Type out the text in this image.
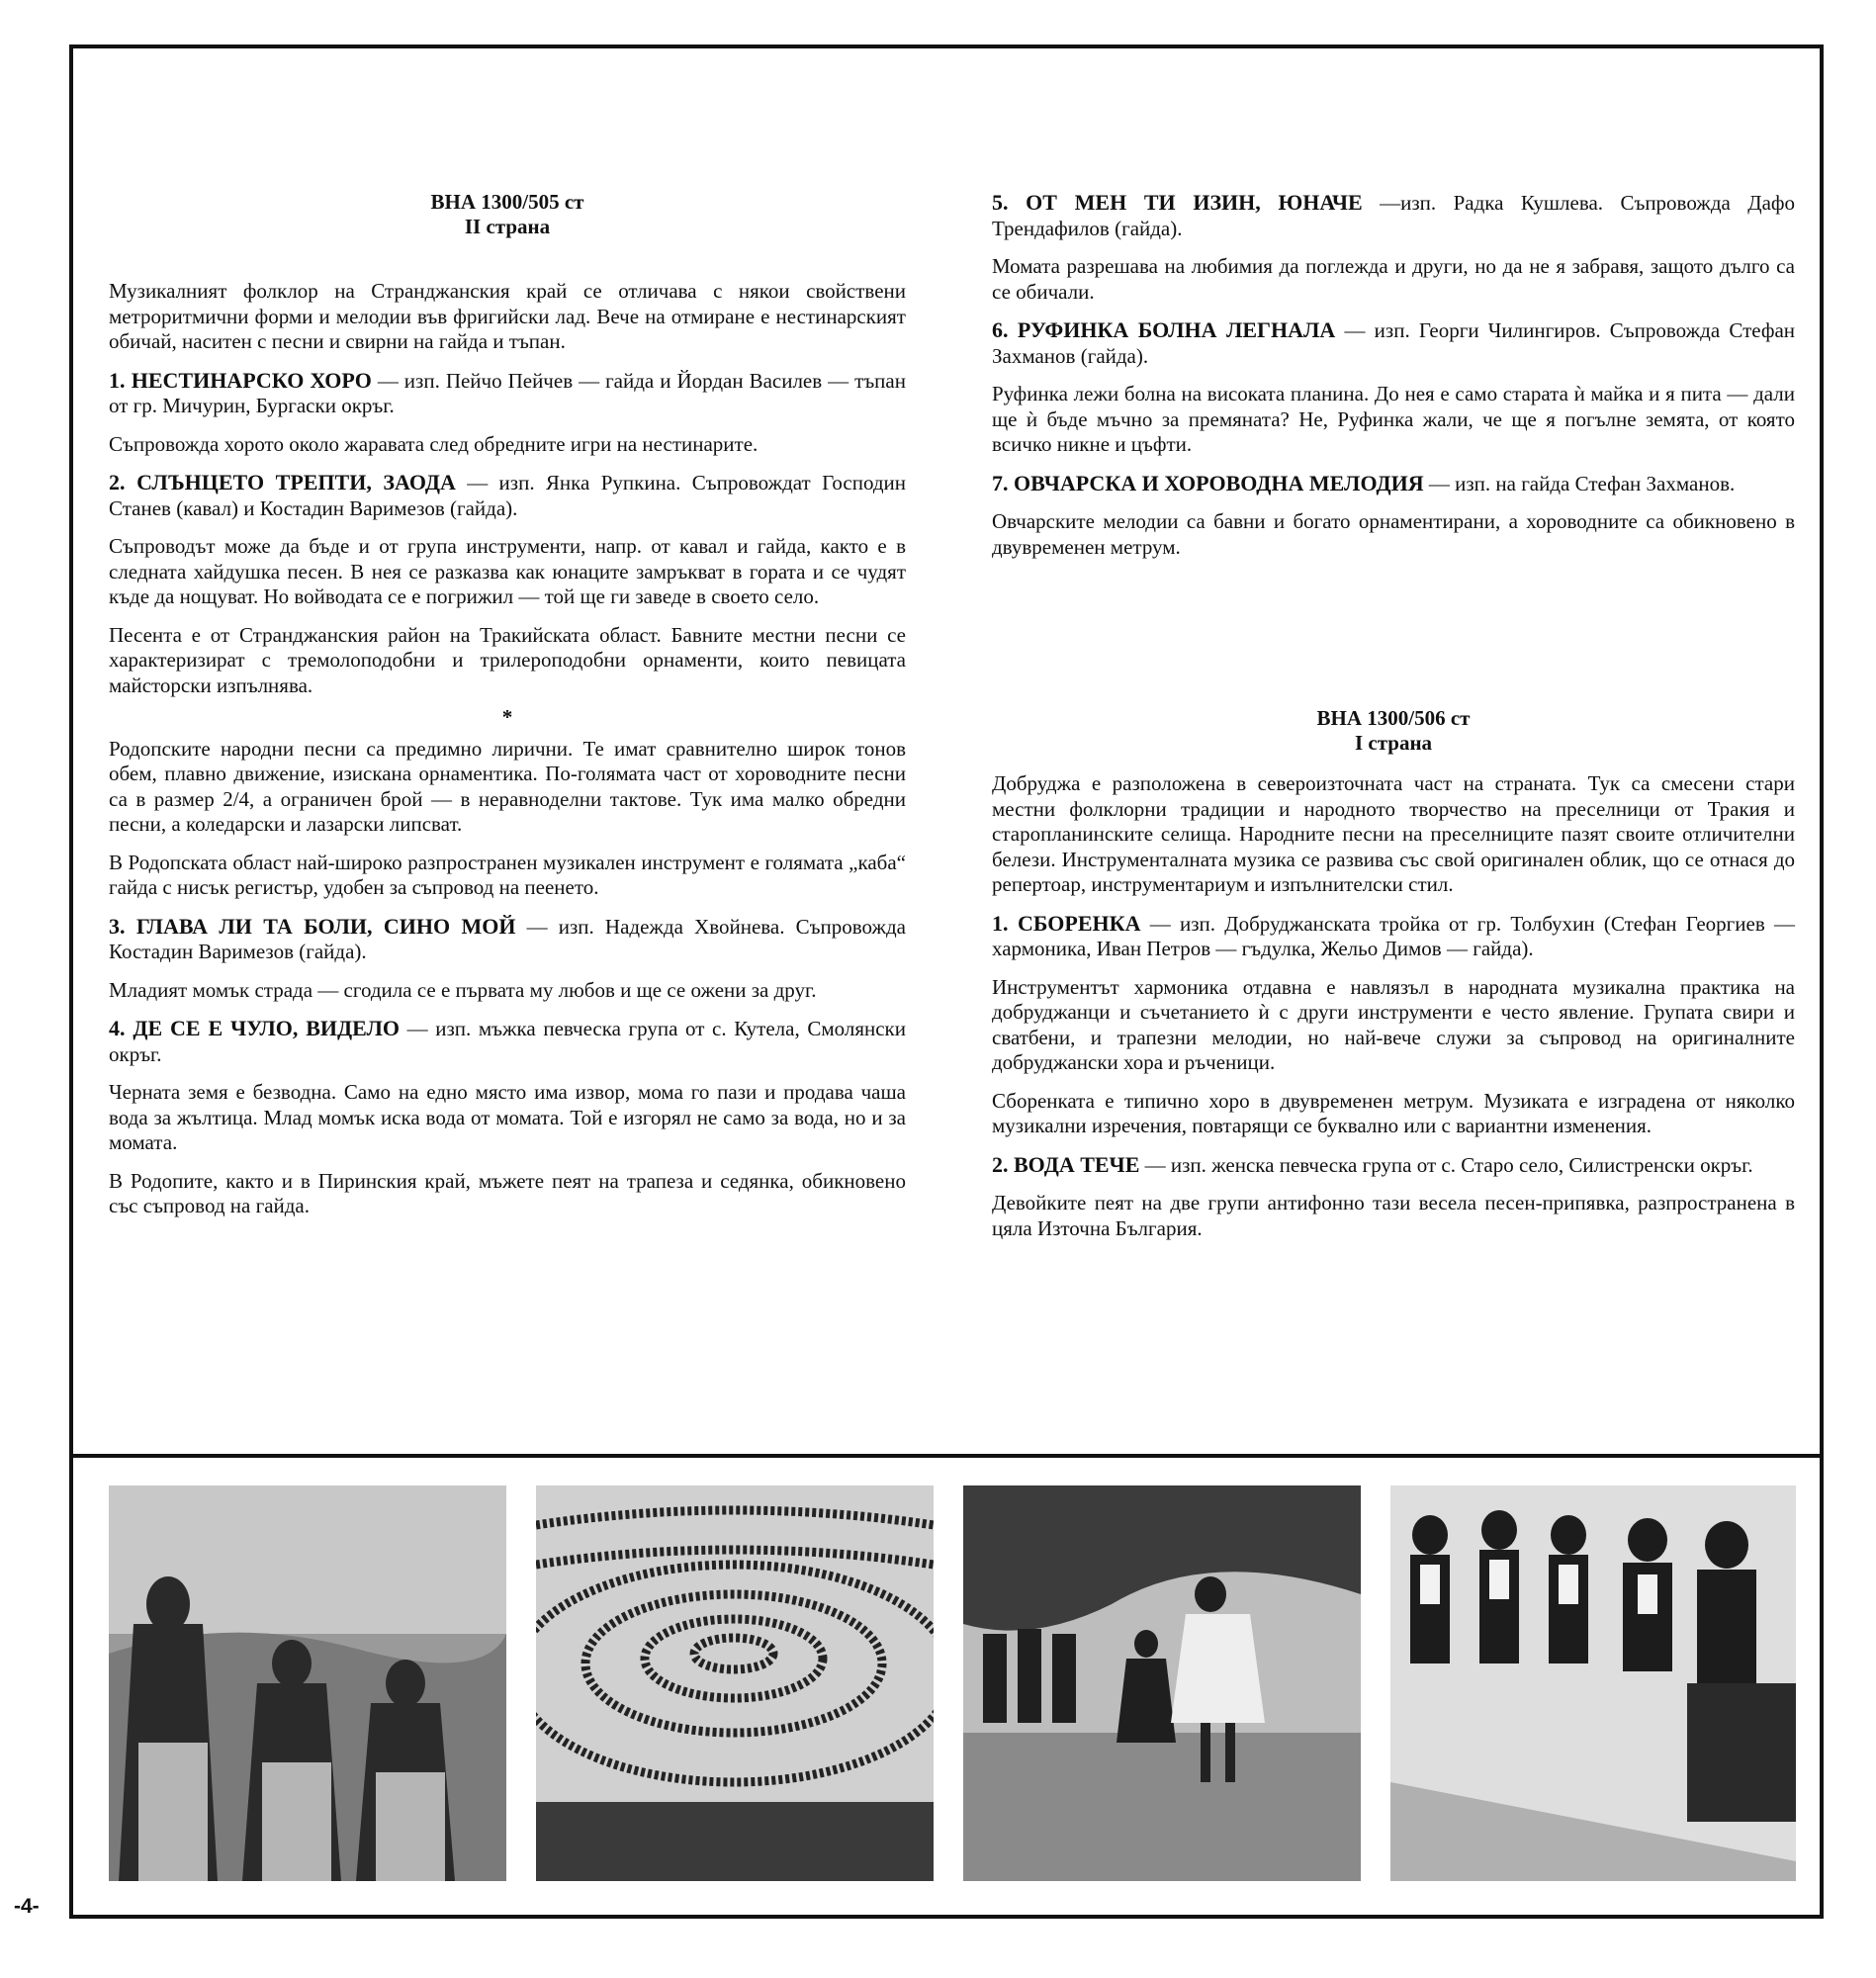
ВНА 1300/505 ст

II страна

Музикалният фолклор на Странджанския край се отличава с някои свойствени метроритмични форми и мелодии във фригийски лад. Вече на отмиране е нестинарският обичай, наситен с песни и свирни на гайда и тъпан.

1. НЕСТИНАРСКО ХОРО — изп. Пейчо Пейчев — гайда и Йордан Василев — тъпан от гр. Мичурин, Бургаски окръг.

Съпровожда хорото около жаравата след обредните игри на нестинарите.

2. СЛЪНЦЕТО ТРЕПТИ, ЗАОДА — изп. Янка Рупкина. Съпровождат Господин Станев (кавал) и Костадин Варимезов (гайда).

Съпроводът може да бъде и от група инструменти, напр. от кавал и гайда, както е в следната хайдушка песен. В нея се разказва как юнаците замръкват в гората и се чудят къде да нощуват. Но войводата се е погрижил — той ще ги заведе в своето село.

Песента е от Странджанския район на Тракийската област. Бавните местни песни се характеризират с тремолоподобни и трилероподобни орнаменти, които певицата майсторски изпълнява.

*

Родопските народни песни са предимно лирични. Те имат сравнително широк тонов обем, плавно движение, изискана орнаментика. По-голямата част от хороводните песни са в размер 2/4, а ограничен брой — в неравноделни тактове. Тук има малко обредни песни, а коледарски и лазарски липсват.

В Родопската област най-широко разпространен музикален инструмент е голямата „каба“ гайда с нисък регистър, удобен за съпровод на пеенето.

3. ГЛАВА ЛИ ТА БОЛИ, СИНО МОЙ — изп. Надежда Хвойнева. Съпровожда Костадин Варимезов (гайда).

Младият момък страда — сгодила се е първата му любов и ще се ожени за друг.

4. ДЕ СЕ Е ЧУЛО, ВИДЕЛО — изп. мъжка певческа група от с. Кутела, Смолянски окръг.

Черната земя е безводна. Само на едно място има извор, мома го пази и продава чаша вода за жълтица. Млад момък иска вода от момата. Той е изгорял не само за вода, но и за момата.

В Родопите, както и в Пиринския край, мъжете пеят на трапеза и седянка, обикновено със съпровод на гайда.

5. ОТ МЕН ТИ ИЗИН, ЮНАЧЕ —изп. Радка Кушлева. Съпровожда Дафо Трендафилов (гайда).

Момата разрешава на любимия да поглежда и други, но да не я забравя, защото дълго са се обичали.

6. РУФИНКА БОЛНА ЛЕГНАЛА — изп. Георги Чилингиров. Съпровожда Стефан Захманов (гайда).

Руфинка лежи болна на високата планина. До нея е само старата ѝ майка и я пита — дали ще ѝ бъде мъчно за премяната? Не, Руфинка жали, че ще я погълне земята, от която всичко никне и цъфти.

7. ОВЧАРСКА И ХОРОВОДНА МЕЛОДИЯ — изп. на гайда Стефан Захманов.

Овчарските мелодии са бавни и богато орнаментирани, а хороводните са обикновено в двувременен метрум.

ВНА 1300/506 ст

I страна

Добруджа е разположена в североизточната част на страната. Тук са смесени стари местни фолклорни традиции и народното творчество на преселници от Тракия и старопланинските селища. Народните песни на преселниците пазят своите отличителни белези. Инструменталната музика се развива със свой оригинален облик, що се отнася до репертоар, инструментариум и изпълнителски стил.

1. СБОРЕНКА — изп. Добруджанската тройка от гр. Толбухин (Стефан Георгиев — хармоника, Иван Петров — гъдулка, Жельо Димов — гайда).

Инструментът хармоника отдавна е навлязъл в народната музикална практика на добруджанци и съчетанието ѝ с други инструменти е често явление. Групата свири и сватбени, и трапезни мелодии, но най-вече служи за съпровод на оригиналните добруджански хора и ръченици.

Сборенката е типично хоро в двувременен метрум. Музиката е изградена от няколко музикални изречения, повтарящи се буквално или с вариантни изменения.

2. ВОДА ТЕЧЕ — изп. женска певческа група от с. Старо село, Силистренски окръг.

Девойките пеят на две групи антифонно тази весела песен-припявка, разпространена в цяла Източна България.

-4-
